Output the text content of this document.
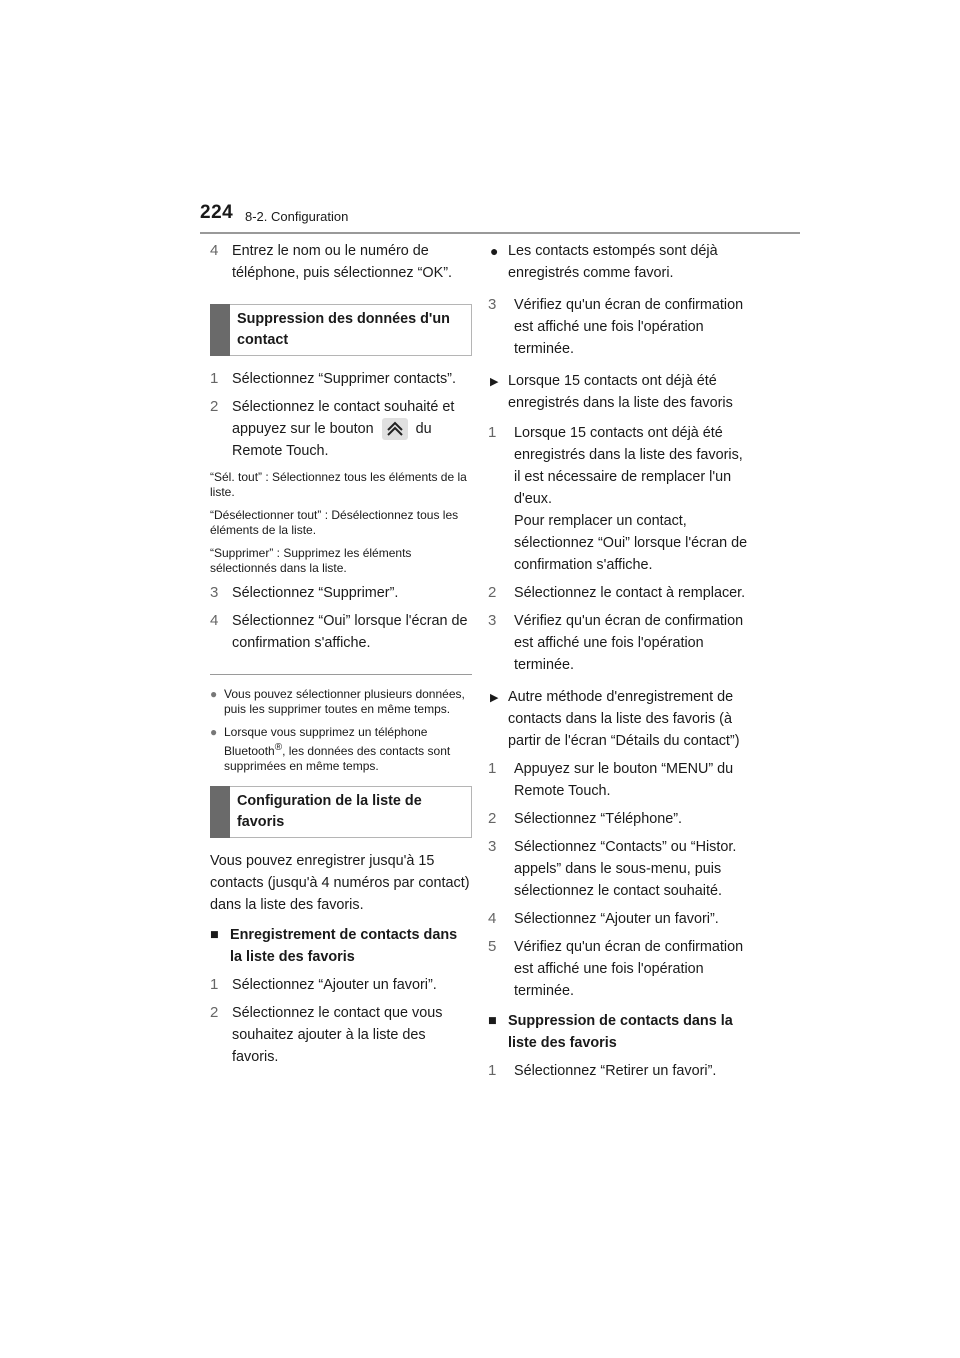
224 8-2. Configuration
4 Entrez le nom ou le numéro de téléphone, puis sélectionnez “OK”.
Suppression des données d'un contact
1 Sélectionnez “Supprimer contacts”.
2 Sélectionnez le contact souhaité et appuyez sur le bouton	du Remote Touch.
“Sél. tout” : Sélectionnez tous les éléments de la liste.
“Désélectionner tout” : Désélectionnez tous les éléments de la liste.
“Supprimer” : Supprimez les éléments sélectionnés dans la liste.
3 Sélectionnez “Supprimer”.
4 Sélectionnez “Oui” lorsque l'écran de confirmation s'affiche.
● Vous pouvez sélectionner plusieurs données, puis les supprimer toutes en même temps.
● Lorsque vous supprimez un téléphone Bluetooth®, les données des contacts sont supprimées en même temps.
Configuration de la liste de favoris
Vous pouvez enregistrer jusqu'à 15 contacts (jusqu'à 4 numéros par contact) dans la liste des favoris.
■ Enregistrement de contacts dans la liste des favoris
1 Sélectionnez “Ajouter un favori”.
2 Sélectionnez le contact que vous souhaitez ajouter à la liste des favoris.
● Les contacts estompés sont déjà enregistrés comme favori.
3 Vérifiez qu'un écran de confirmation est affiché une fois l'opération terminée.
▶ Lorsque 15 contacts ont déjà été enregistrés dans la liste des favoris
1 Lorsque 15 contacts ont déjà été enregistrés dans la liste des favoris, il est nécessaire de remplacer l'un d'eux.
Pour remplacer un contact, sélectionnez “Oui” lorsque l'écran de confirmation s'affiche.
2 Sélectionnez le contact à remplacer.
3 Vérifiez qu'un écran de confirmation est affiché une fois l'opération terminée.
▶ Autre méthode d'enregistrement de contacts dans la liste des favoris (à partir de l'écran “Détails du contact”)
1 Appuyez sur le bouton “MENU” du Remote Touch.
2 Sélectionnez “Téléphone”.
3 Sélectionnez “Contacts” ou “Histor. appels” dans le sous-menu, puis sélectionnez le contact souhaité.
4 Sélectionnez “Ajouter un favori”.
5 Vérifiez qu'un écran de confirmation est affiché une fois l'opération terminée.
■ Suppression de contacts dans la liste des favoris
1 Sélectionnez “Retirer un favori”.
